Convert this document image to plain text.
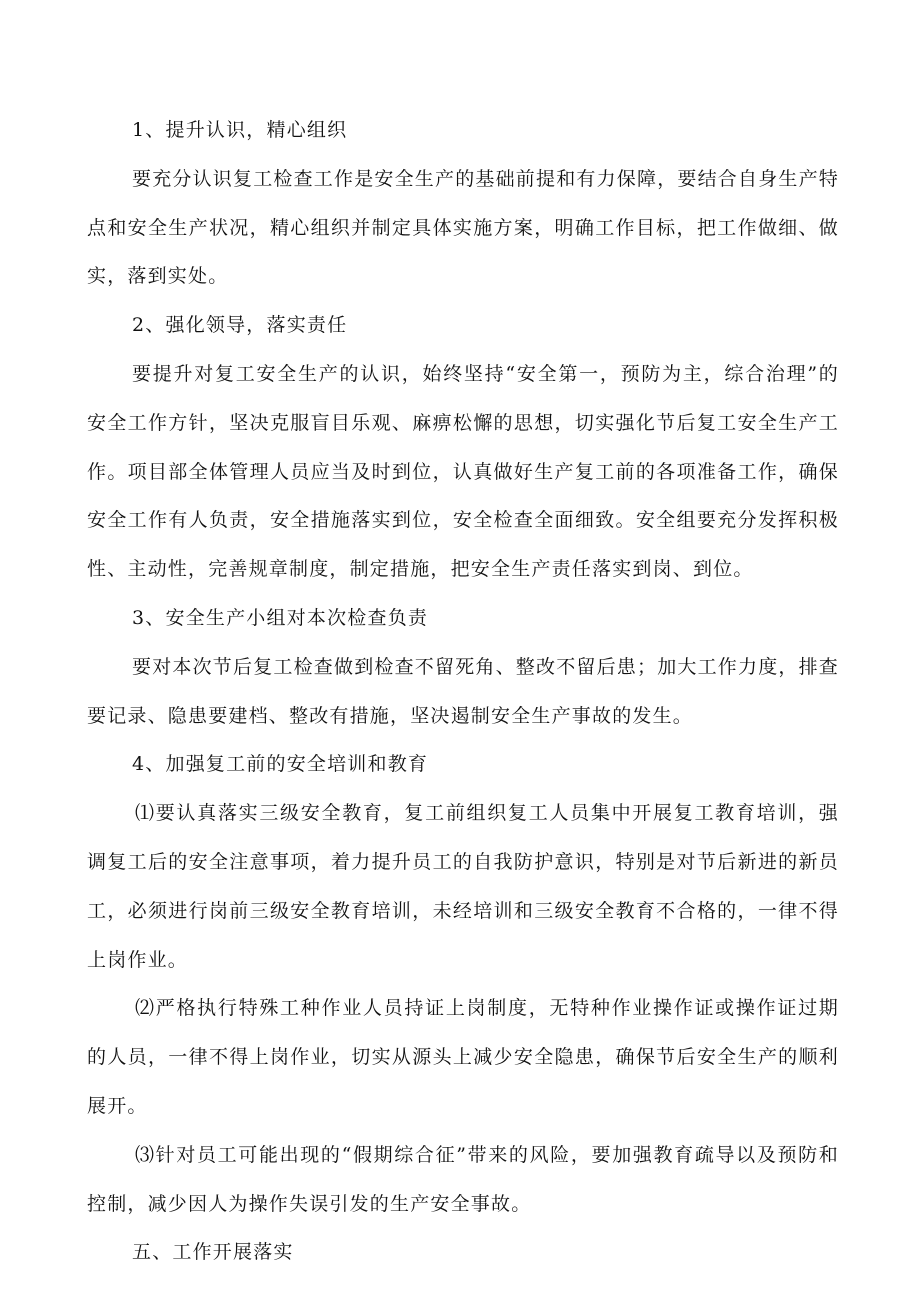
1、提升认识，精心组织

要充分认识复工检查工作是安全生产的基础前提和有力保障，要结合自身生产特点和安全生产状况，精心组织并制定具体实施方案，明确工作目标，把工作做细、做实，落到实处。

2、强化领导，落实责任

要提升对复工安全生产的认识，始终坚持“安全第一，预防为主，综合治理”的安全工作方针，坚决克服盲目乐观、麻痹松懈的思想，切实强化节后复工安全生产工作。项目部全体管理人员应当及时到位，认真做好生产复工前的各项准备工作，确保安全工作有人负责，安全措施落实到位，安全检查全面细致。安全组要充分发挥积极性、主动性，完善规章制度，制定措施，把安全生产责任落实到岗、到位。

3、安全生产小组对本次检查负责

要对本次节后复工检查做到检查不留死角、整改不留后患；加大工作力度，排查要记录、隐患要建档、整改有措施，坚决遏制安全生产事故的发生。

4、加强复工前的安全培训和教育

⑴要认真落实三级安全教育，复工前组织复工人员集中开展复工教育培训，强调复工后的安全注意事项，着力提升员工的自我防护意识，特别是对节后新进的新员工，必须进行岗前三级安全教育培训，未经培训和三级安全教育不合格的，一律不得上岗作业。

⑵严格执行特殊工种作业人员持证上岗制度，无特种作业操作证或操作证过期的人员，一律不得上岗作业，切实从源头上减少安全隐患，确保节后安全生产的顺利展开。

⑶针对员工可能出现的“假期综合征”带来的风险，要加强教育疏导以及预防和控制，减少因人为操作失误引发的生产安全事故。

五、工作开展落实
